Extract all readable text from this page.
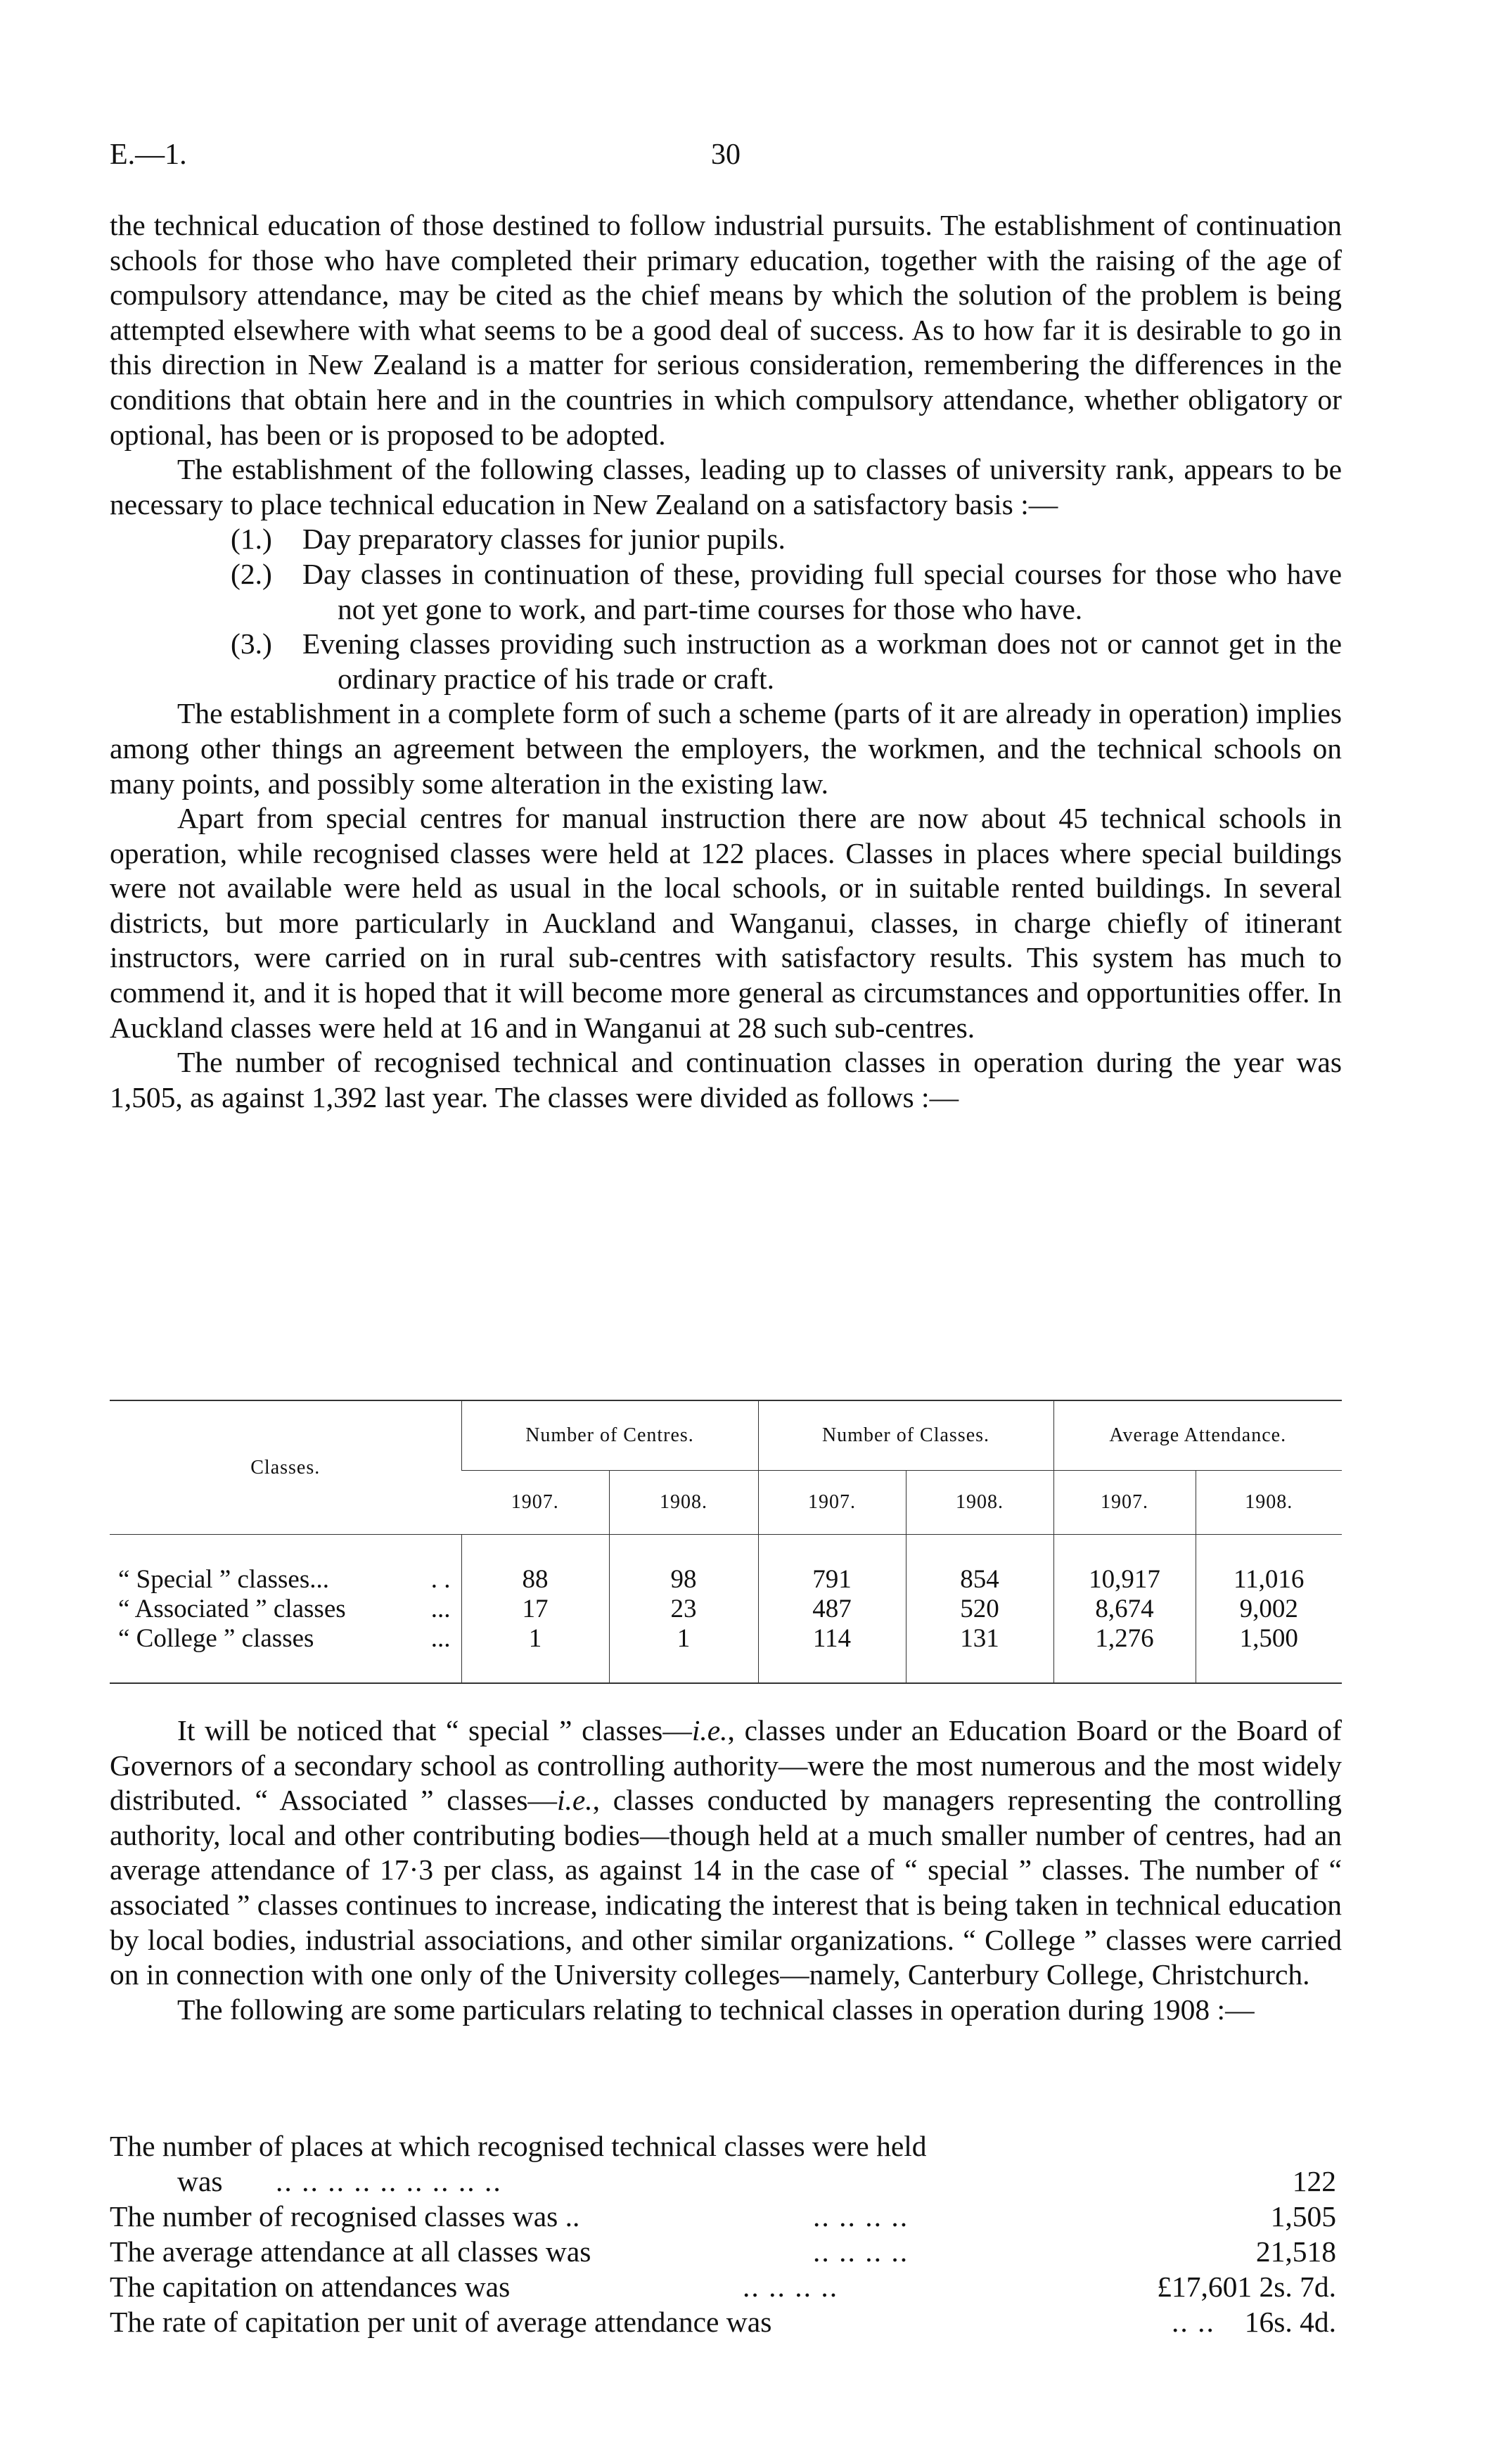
E.—1.	30

the technical education of those destined to follow industrial pursuits. The establishment of continuation schools for those who have completed their primary education, together with the raising of the age of compulsory attendance, may be cited as the chief means by which the solution of the problem is being attempted elsewhere with what seems to be a good deal of success. As to how far it is desirable to go in this direction in New Zealand is a matter for serious consideration, remembering the differences in the conditions that obtain here and in the countries in which compulsory attendance, whether obligatory or optional, has been or is proposed to be adopted.

The establishment of the following classes, leading up to classes of university rank, appears to be necessary to place technical education in New Zealand on a satisfactory basis :—

(1.) Day preparatory classes for junior pupils.
(2.) Day classes in continuation of these, providing full special courses for those who have not yet gone to work, and part-time courses for those who have.
(3.) Evening classes providing such instruction as a workman does not or cannot get in the ordinary practice of his trade or craft.

The establishment in a complete form of such a scheme (parts of it are already in operation) implies among other things an agreement between the employers, the workmen, and the technical schools on many points, and possibly some alteration in the existing law.

Apart from special centres for manual instruction there are now about 45 technical schools in operation, while recognised classes were held at 122 places. Classes in places where special buildings were not available were held as usual in the local schools, or in suitable rented buildings. In several districts, but more particularly in Auckland and Wanganui, classes, in charge chiefly of itinerant instructors, were carried on in rural sub-centres with satisfactory results. This system has much to commend it, and it is hoped that it will become more general as circumstances and opportunities offer. In Auckland classes were held at 16 and in Wanganui at 28 such sub-centres.

The number of recognised technical and continuation classes in operation during the year was 1,505, as against 1,392 last year. The classes were divided as follows :—

Classes.	Number of Centres.		Number of Classes.		Average Attendance.	
	1907.	1908.	1907.	1908.	1907.	1908.
“ Special ” classes... . .	88	98	791	854	10,917	11,016
“ Associated ” classes ...	17	23	487	520	8,674	9,002
“ College ” classes ...	1	1	114	131	1,276	1,500

It will be noticed that “ special ” classes—i.e., classes under an Education Board or the Board of Governors of a secondary school as controlling authority—were the most numerous and the most widely distributed. “ Associated ” classes—i.e., classes conducted by managers representing the controlling authority, local and other contributing bodies—though held at a much smaller number of centres, had an average attendance of 17·3 per class, as against 14 in the case of “ special ” classes. The number of “ associated ” classes continues to increase, indicating the interest that is being taken in technical education by local bodies, industrial associations, and other similar organizations. “ College ” classes were carried on in connection with one only of the University colleges—namely, Canterbury College, Christchurch.

The following are some particulars relating to technical classes in operation during 1908 :—

The number of places at which recognised technical classes were held
was .. .. .. .. .. .. .. .. ..	122
The number of recognised classes was ..	.. .. .. ..	1,505
The average attendance at all classes was	.. .. .. ..	21,518
The capitation on attendances was	.. .. .. ..	£17,601 2s. 7d.
The rate of capitation per unit of average attendance was	.. .. 16s. 4d.
